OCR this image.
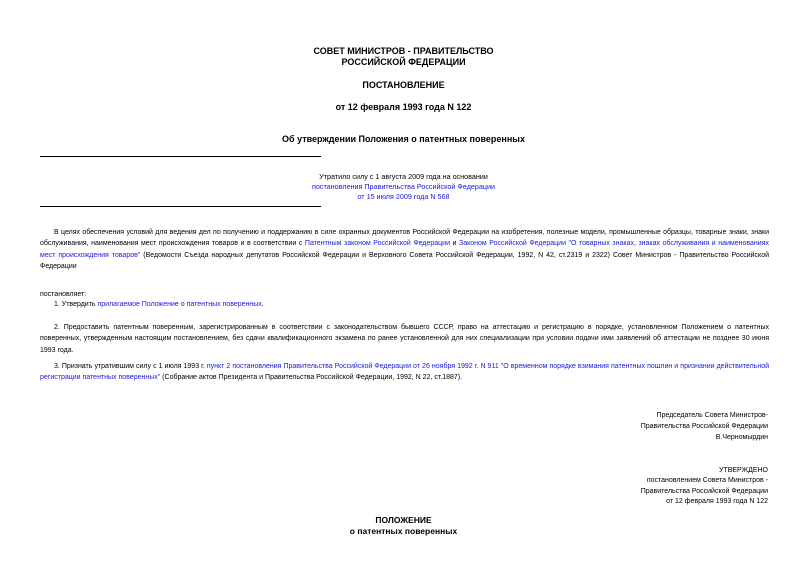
СОВЕТ МИНИСТРОВ - ПРАВИТЕЛЬСТВО
РОССИЙСКОЙ ФЕДЕРАЦИИ
ПОСТАНОВЛЕНИЕ
от 12 февраля 1993 года N 122
Об утверждении Положения о патентных поверенных
Утратило силу с 1 августа 2009 года на основании
постановления Правительства Российской Федерации
от 15 июля 2009 года N 568
В целях обеспечения условий для ведения дел по получению и поддержанию в силе охранных документов Российской Федерации на изобретения, полезные модели, промышленные образцы, товарные знаки, знаки обслуживания, наименования мест происхождения товаров и в соответствии с Патентным законом Российской Федерации и Законом Российской Федерации "О товарных знаках, знаках обслуживания и наименованиях мест происхождения товаров" (Ведомости Съезда народных депутатов Российской Федерации и Верховного Совета Российской Федерации, 1992, N 42, ст.2319 и 2322) Совет Министров - Правительство Российской Федерации
постановляет:
1. Утвердить прилагаемое Положение о патентных поверенных.
2. Предоставить патентным поверенным, зарегистрированным в соответствии с законодательством бывшего СССР, право на аттестацию и регистрацию в порядке, установленном Положением о патентных поверенных, утвержденным настоящим постановлением, без сдачи квалификационного экзамена по ранее установленной для них специализации при условии подачи ими заявлений об аттестации не позднее 30 июня 1993 года.
3. Признать утратившим силу с 1 июля 1993 г. пункт 2 постановления Правительства Российской Федерации от 26 ноября 1992 г. N 911 "О временном порядке взимания патентных пошлин и признании действительной регистрации патентных поверенных" (Собрание актов Президента и Правительства Российской Федерации, 1992, N 22, ст.1887).
Председатель Совета Министров-
Правительства Российской Федерации
В.Черномырдин
УТВЕРЖДЕНО
постановлением Совета Министров -
Правительства Российской Федерации
от 12 февраля 1993 года N 122
ПОЛОЖЕНИЕ
о патентных поверенных
